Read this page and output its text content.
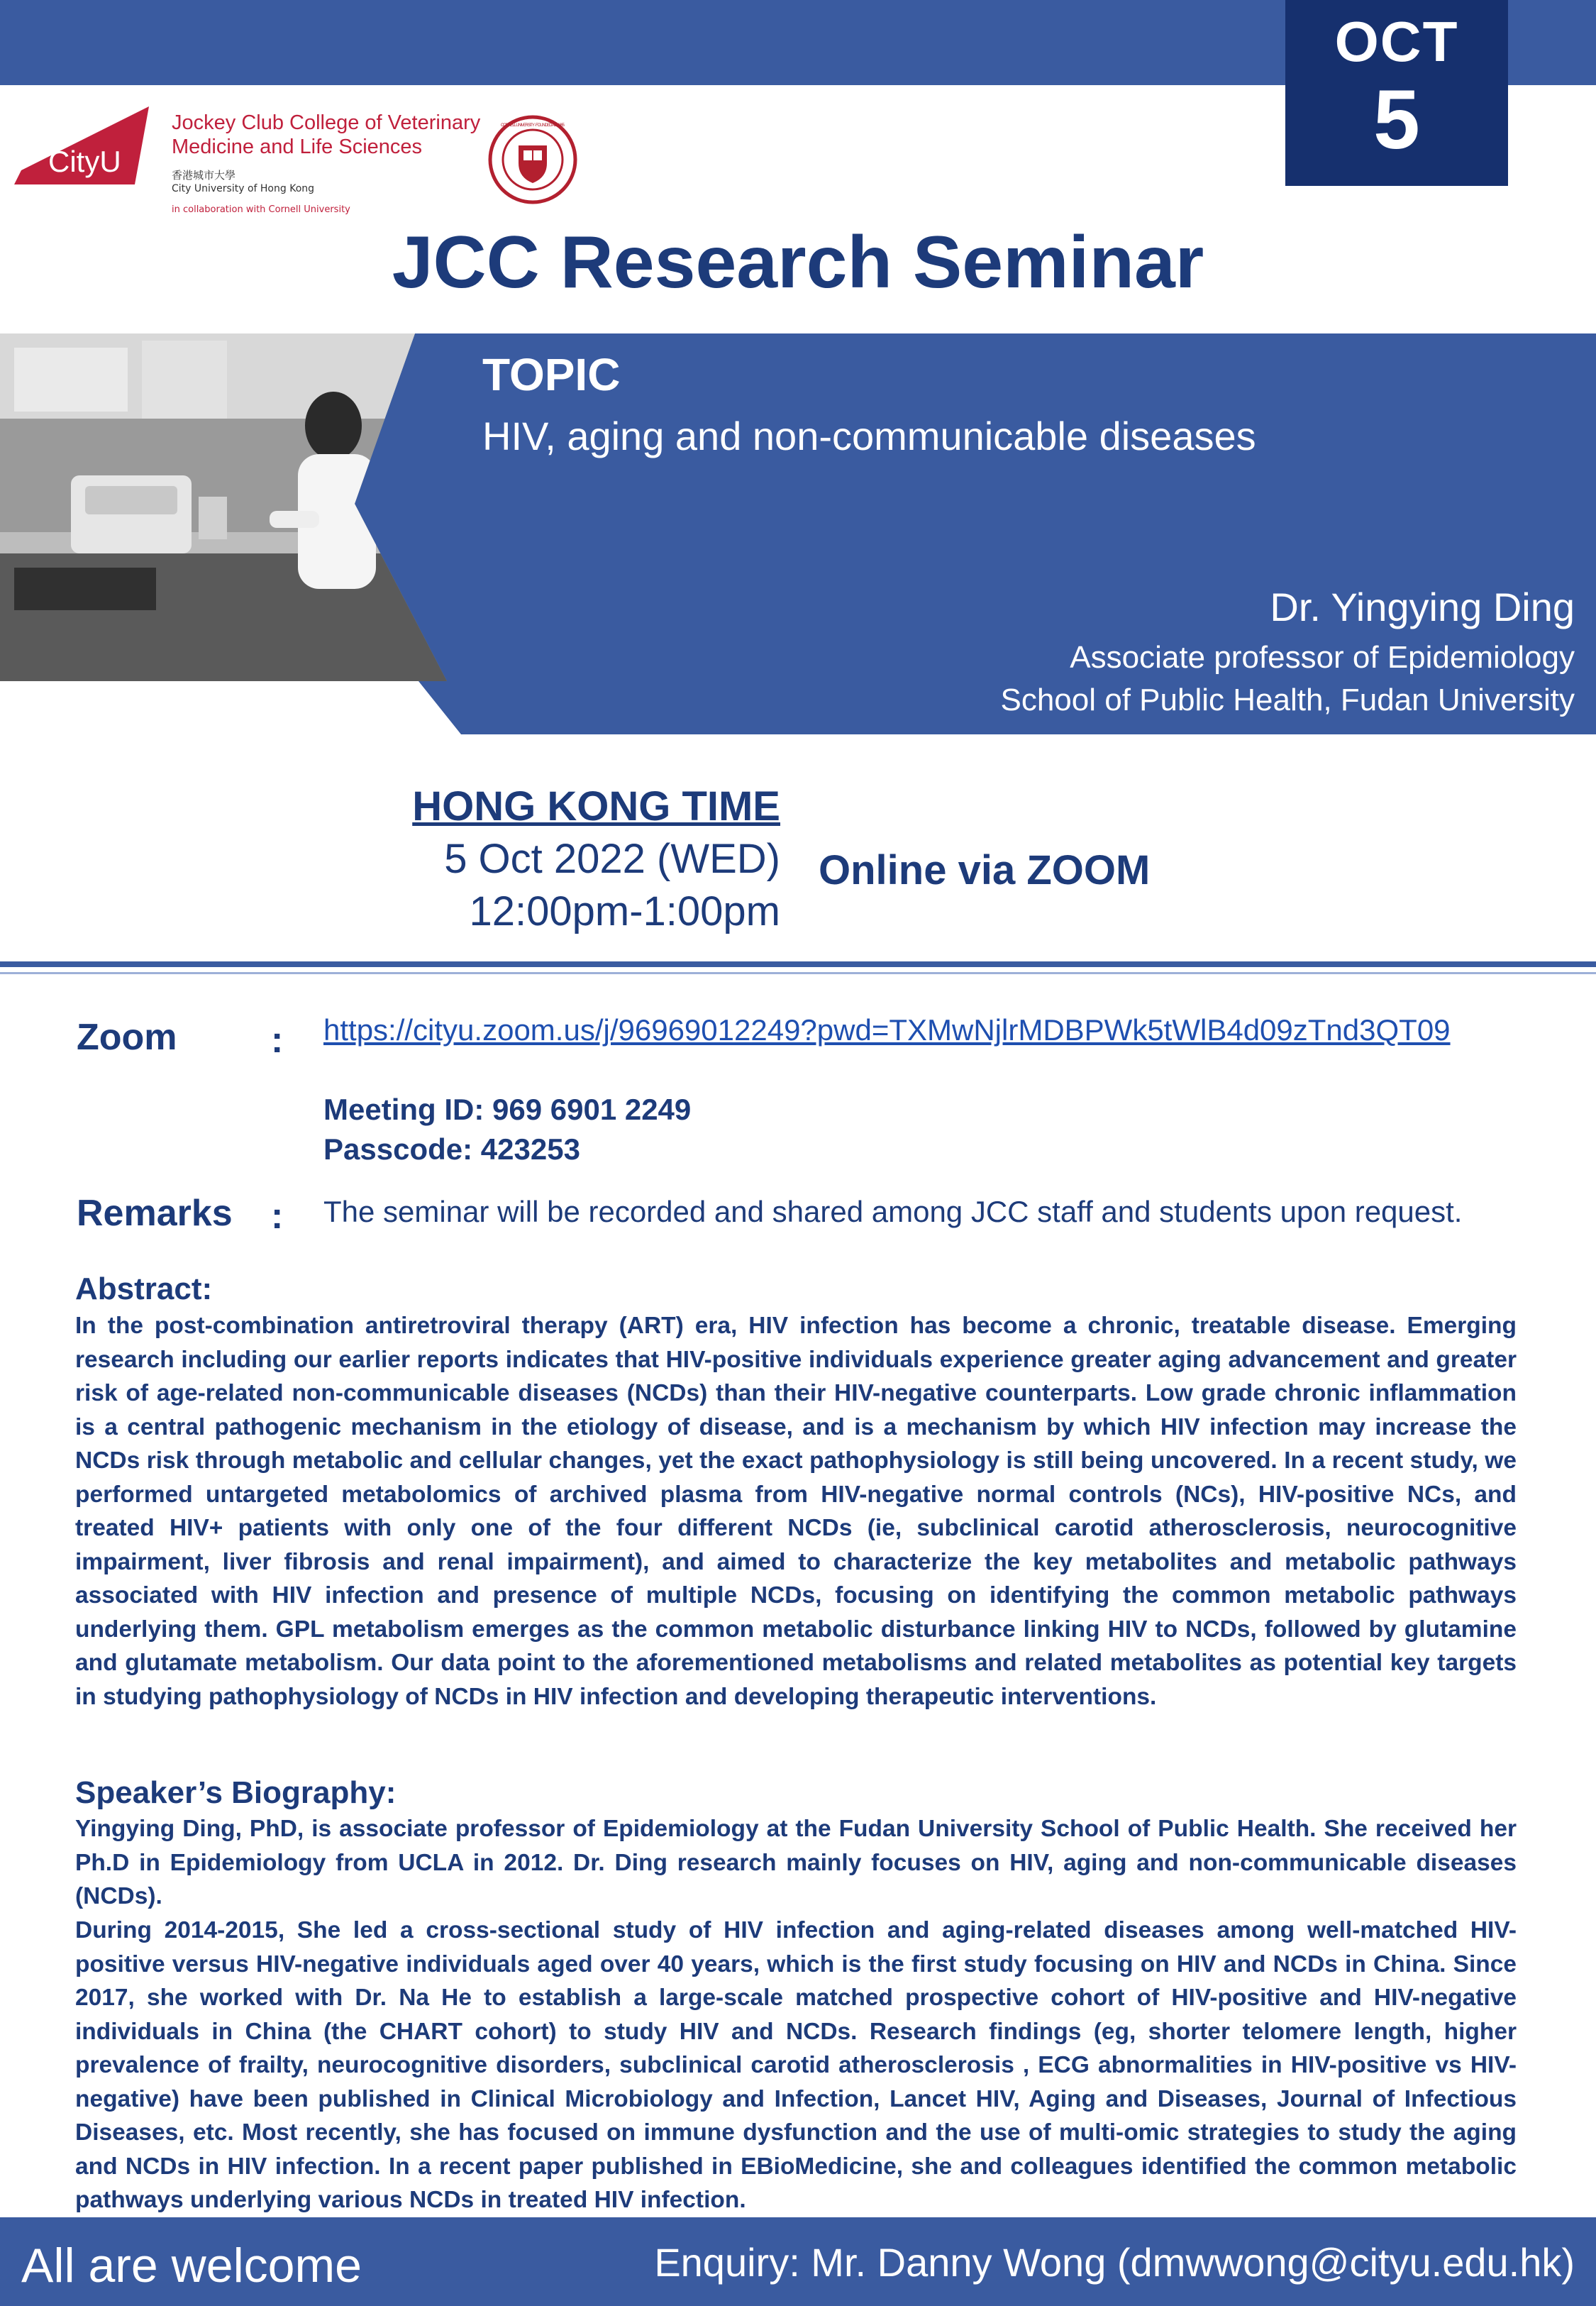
OCT
5
CityU
Jockey Club College of Veterinary
Medicine and Life Sciences
香港城市大學
City University of Hong Kong
in collaboration with Cornell University
CORNELL UNIVERSITY · FOUNDED A.D. 1865
JCC Research Seminar
TOPIC
HIV, aging and non-communicable diseases
Dr. Yingying Ding
Associate professor of Epidemiology
School of Public Health, Fudan University
HONG KONG TIME
5 Oct 2022 (WED)
12:00pm-1:00pm
Online via ZOOM
Zoom	: https://cityu.zoom.us/j/96969012249?pwd=TXMwNjlrMDBPWk5tWlB4d09zTnd3QT09
Meeting ID: 969 6901 2249
Passcode: 423253
Remarks : The seminar will be recorded and shared among JCC staff and students upon request.
Abstract:
In the post-combination antiretroviral therapy (ART) era, HIV infection has become a chronic, treatable disease. Emerging research including our earlier reports indicates that HIV-positive individuals experience greater aging advancement and greater risk of age-related non-communicable diseases (NCDs) than their HIV-negative counterparts. Low grade chronic inflammation is a central pathogenic mechanism in the etiology of disease, and is a mechanism by which HIV infection may increase the NCDs risk through metabolic and cellular changes, yet the exact pathophysiology is still being uncovered. In a recent study, we performed untargeted metabolomics of archived plasma from HIV-negative normal controls (NCs), HIV-positive NCs, and treated HIV+ patients with only one of the four different NCDs (ie, subclinical carotid atherosclerosis, neurocognitive impairment, liver fibrosis and renal impairment), and aimed to characterize the key metabolites and metabolic pathways associated with HIV infection and presence of multiple NCDs, focusing on identifying the common metabolic pathways underlying them. GPL metabolism emerges as the common metabolic disturbance linking HIV to NCDs, followed by glutamine and glutamate metabolism. Our data point to the aforementioned metabolisms and related metabolites as potential key targets in studying pathophysiology of NCDs in HIV infection and developing therapeutic interventions.
Speaker’s Biography:
Yingying Ding, PhD, is associate professor of Epidemiology at the Fudan University School of Public Health. She received her Ph.D in Epidemiology from UCLA in 2012. Dr. Ding research mainly focuses on HIV, aging and non-communicable diseases (NCDs).
During 2014-2015, She led a cross-sectional study of HIV infection and aging-related diseases among well-matched HIV-positive versus HIV-negative individuals aged over 40 years, which is the first study focusing on HIV and NCDs in China. Since 2017, she worked with Dr. Na He to establish a large-scale matched prospective cohort of HIV-positive and HIV-negative individuals in China (the CHART cohort) to study HIV and NCDs. Research findings (eg, shorter telomere length, higher prevalence of frailty, neurocognitive disorders, subclinical carotid atherosclerosis , ECG abnormalities in HIV-positive vs HIV-negative) have been published in Clinical Microbiology and Infection, Lancet HIV, Aging and Diseases, Journal of Infectious Diseases, etc. Most recently, she has focused on immune dysfunction and the use of multi-omic strategies to study the aging and NCDs in HIV infection. In a recent paper published in EBioMedicine, she and colleagues identified the common metabolic pathways underlying various NCDs in treated HIV infection.
All are welcome	Enquiry: Mr. Danny Wong (dmwwong@cityu.edu.hk)
